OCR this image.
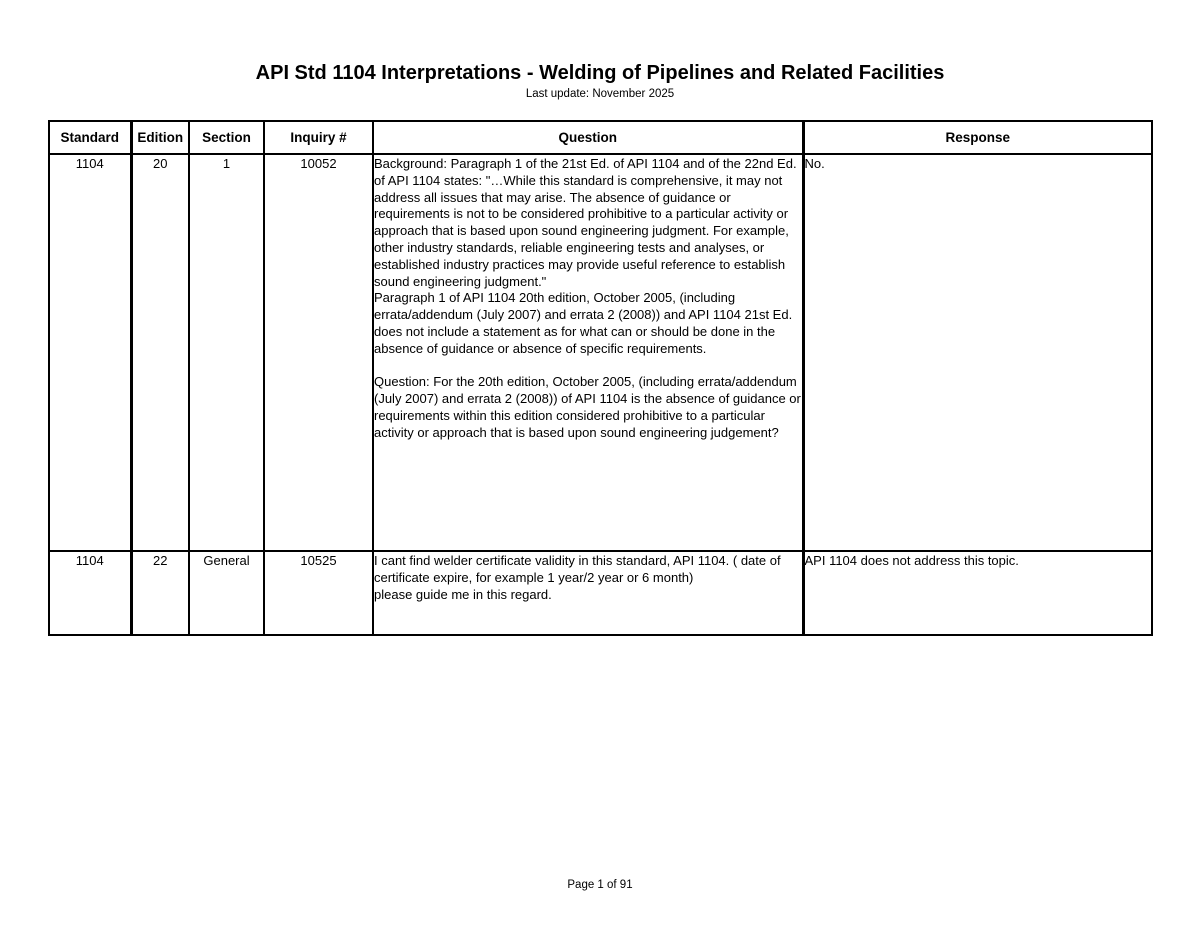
API Std 1104 Interpretations - Welding of Pipelines and Related Facilities
Last update: November 2025
Standard	Edition	Section	Inquiry #	Question	Response
1104	20	1	10052	Background: Paragraph 1 of the 21st Ed. of API 1104 and of the 22nd Ed. of API 1104 states: "…While this standard is comprehensive, it may not address all issues that may arise. The absence of guidance or requirements is not to be considered prohibitive to a particular activity or approach that is based upon sound engineering judgment. For example, other industry standards, reliable engineering tests and analyses, or established industry practices may provide useful reference to establish sound engineering judgment."
Paragraph 1 of API 1104 20th edition, October 2005, (including errata/addendum (July 2007) and errata 2 (2008)) and API 1104 21st Ed. does not include a statement as for what can or should be done in the absence of guidance or absence of specific requirements.
Question: For the 20th edition, October 2005, (including errata/addendum (July 2007) and errata 2 (2008)) of API 1104 is the absence of guidance or requirements within this edition considered prohibitive to a particular activity or approach that is based upon sound engineering judgement?	No.
1104	22	General	10525	I cant find welder certificate validity in this standard, API 1104. ( date of certificate expire, for example 1 year/2 year or 6 month)
please guide me in this regard.	API 1104 does not address this topic.
Page 1 of 91
